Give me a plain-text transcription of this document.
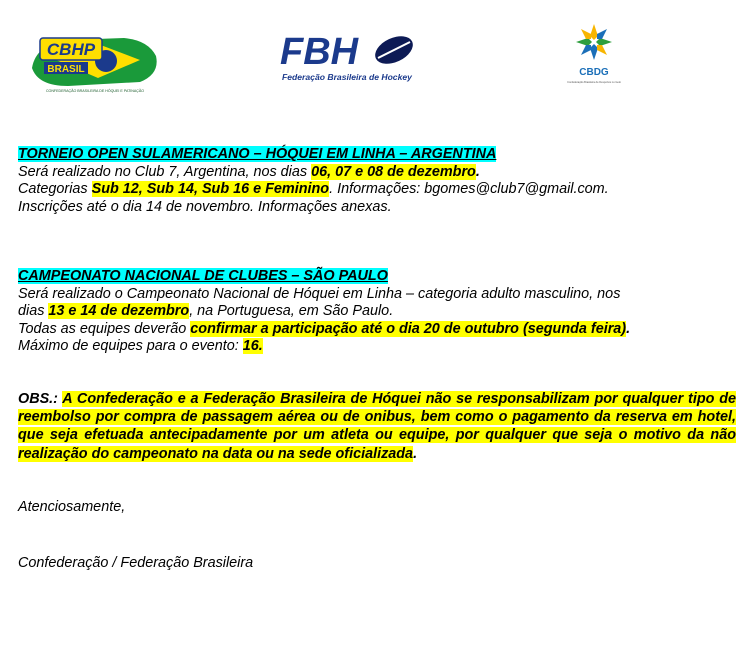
CBHP
BRASIL
CONFEDERAÇÃO BRASILEIRA DE HÓQUEI E PATINAÇÃO
FBH
Federação Brasileira de Hockey	CBDG
Confederação Brasileira de Desportos no Gelo

TORNEIO OPEN SULAMERICANO – HÓQUEI EM LINHA – ARGENTINA

Será realizado no Club 7, Argentina, nos dias 06, 07 e 08 de dezembro.

Categorias Sub 12, Sub 14, Sub 16 e Feminino. Informações: bgomes@club7@gmail.com.

Inscrições até o dia 14 de novembro. Informações anexas.

CAMPEONATO NACIONAL DE CLUBES – SÃO PAULO

Será realizado o Campeonato Nacional de Hóquei em Linha – categoria adulto masculino, nos

dias 13 e 14 de dezembro, na Portuguesa, em São Paulo.

Todas as equipes deverão confirmar a participação até o dia 20 de outubro (segunda feira).

Máximo de equipes para o evento: 16.

OBS.: A Confederação e a Federação Brasileira de Hóquei não se responsabilizam por qualquer tipo de reembolso por compra de passagem aérea ou de onibus, bem como o pagamento da reserva em hotel, que seja efetuada antecipadamente por um atleta ou equipe, por qualquer que seja o motivo da não realização do campeonato na data ou na sede oficializada.

Atenciosamente,

Confederação / Federação Brasileira
